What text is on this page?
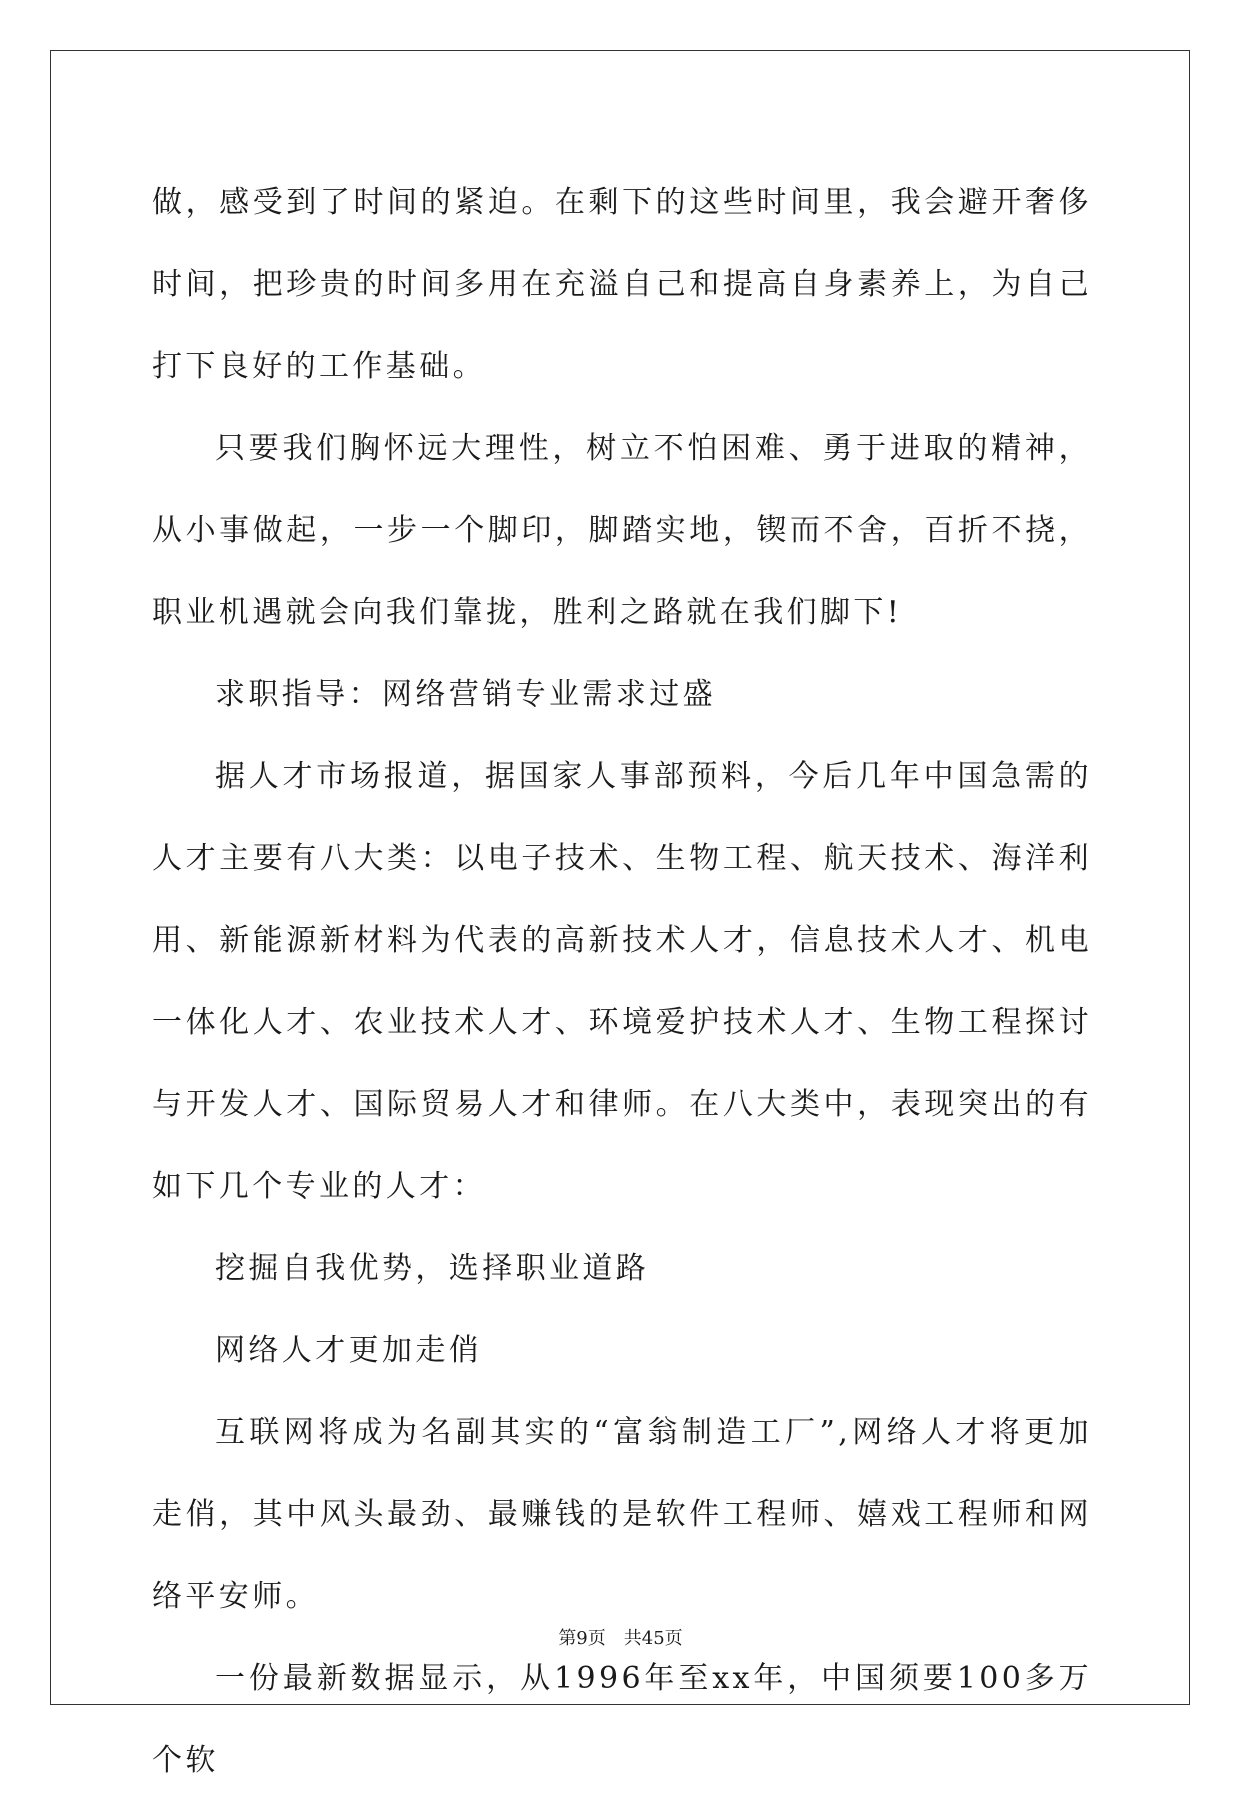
做，感受到了时间的紧迫。在剩下的这些时间里，我会避开奢侈时间，把珍贵的时间多用在充溢自己和提高自身素养上，为自己打下良好的工作基础。

只要我们胸怀远大理性，树立不怕困难、勇于进取的精神，从小事做起，一步一个脚印，脚踏实地，锲而不舍，百折不挠，职业机遇就会向我们靠拢，胜利之路就在我们脚下!

求职指导：网络营销专业需求过盛

据人才市场报道，据国家人事部预料，今后几年中国急需的人才主要有八大类：以电子技术、生物工程、航天技术、海洋利用、新能源新材料为代表的高新技术人才，信息技术人才、机电一体化人才、农业技术人才、环境爱护技术人才、生物工程探讨与开发人才、国际贸易人才和律师。在八大类中，表现突出的有如下几个专业的人才：

挖掘自我优势，选择职业道路

网络人才更加走俏

互联网将成为名副其实的“富翁制造工厂”,网络人才将更加走俏，其中风头最劲、最赚钱的是软件工程师、嬉戏工程师和网络平安师。

一份最新数据显示，从1996年至xx年，中国须要100多万个软

第9页 共45页
